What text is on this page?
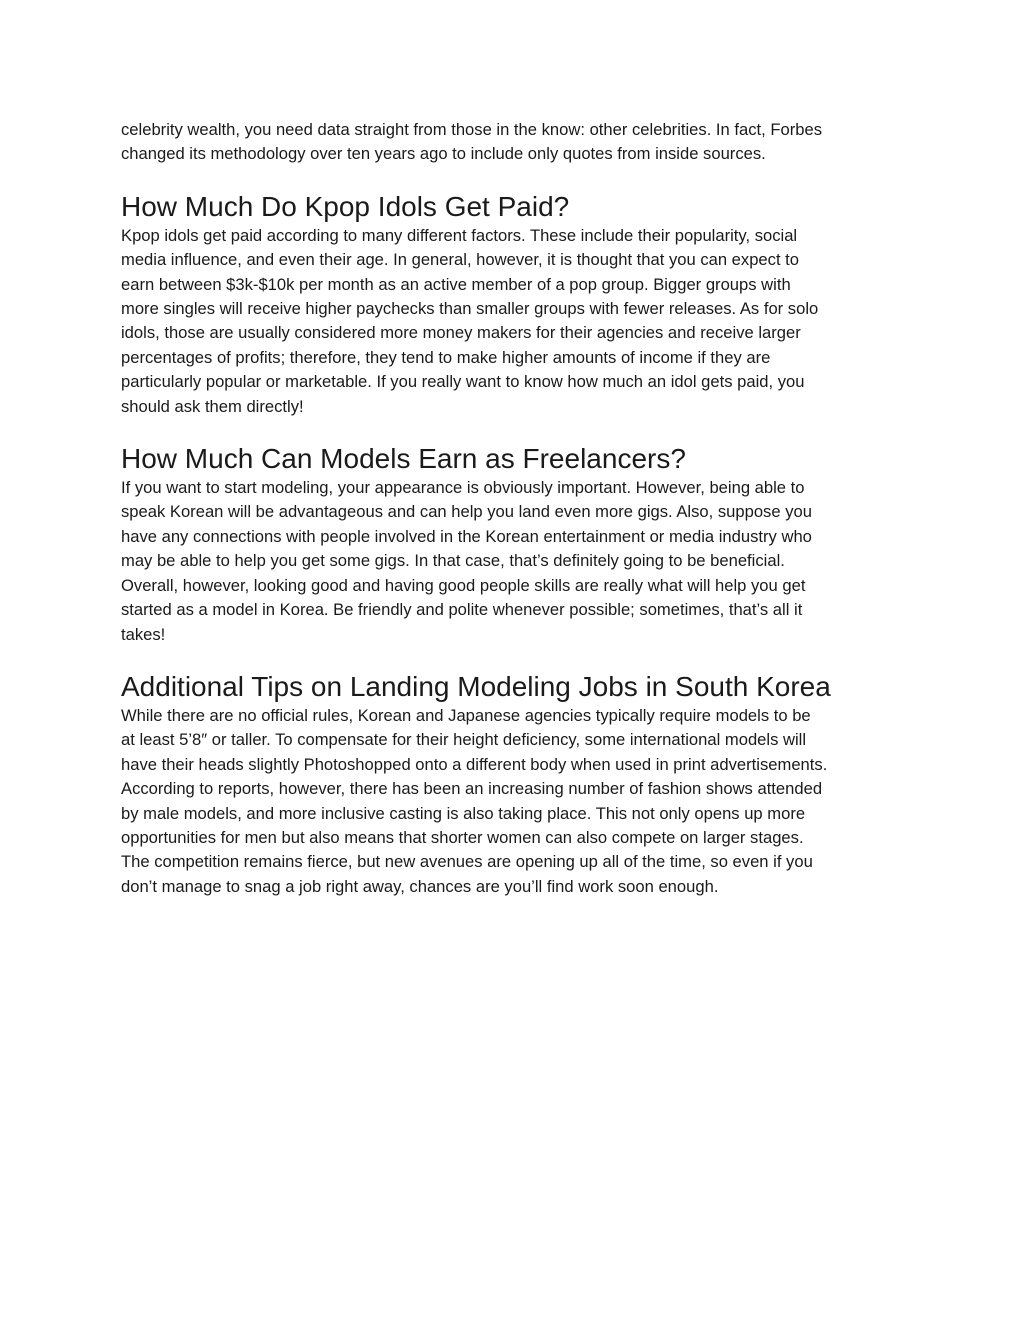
celebrity wealth, you need data straight from those in the know: other celebrities. In fact, Forbes
changed its methodology over ten years ago to include only quotes from inside sources.

How Much Do Kpop Idols Get Paid?

Kpop idols get paid according to many different factors. These include their popularity, social
media influence, and even their age. In general, however, it is thought that you can expect to
earn between $3k-$10k per month as an active member of a pop group. Bigger groups with
more singles will receive higher paychecks than smaller groups with fewer releases. As for solo
idols, those are usually considered more money makers for their agencies and receive larger
percentages of profits; therefore, they tend to make higher amounts of income if they are
particularly popular or marketable. If you really want to know how much an idol gets paid, you
should ask them directly!

How Much Can Models Earn as Freelancers?

If you want to start modeling, your appearance is obviously important. However, being able to
speak Korean will be advantageous and can help you land even more gigs. Also, suppose you
have any connections with people involved in the Korean entertainment or media industry who
may be able to help you get some gigs. In that case, that’s definitely going to be beneficial.
Overall, however, looking good and having good people skills are really what will help you get
started as a model in Korea. Be friendly and polite whenever possible; sometimes, that’s all it
takes!

Additional Tips on Landing Modeling Jobs in South Korea

While there are no official rules, Korean and Japanese agencies typically require models to be
at least 5’8″ or taller. To compensate for their height deficiency, some international models will
have their heads slightly Photoshopped onto a different body when used in print advertisements.
According to reports, however, there has been an increasing number of fashion shows attended
by male models, and more inclusive casting is also taking place. This not only opens up more
opportunities for men but also means that shorter women can also compete on larger stages.
The competition remains fierce, but new avenues are opening up all of the time, so even if you
don’t manage to snag a job right away, chances are you’ll find work soon enough.
